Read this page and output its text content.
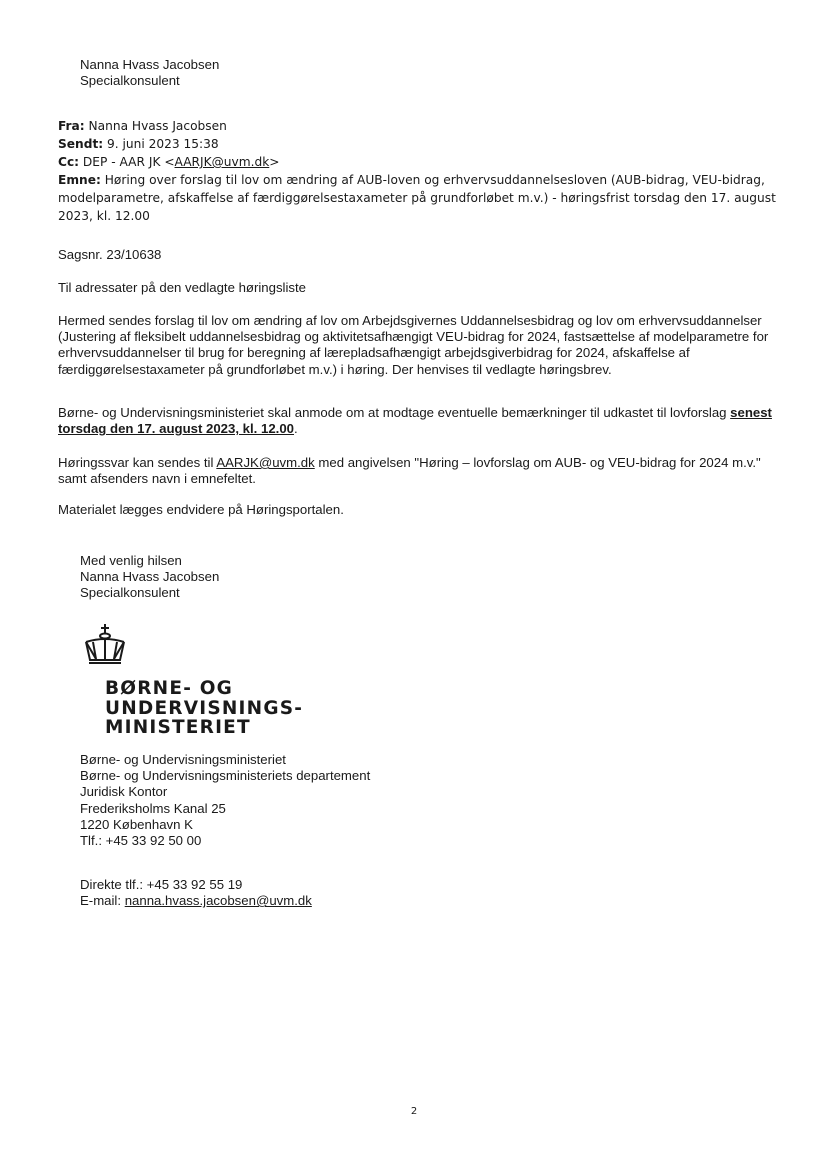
Nanna Hvass Jacobsen

Specialkonsulent

Fra: Nanna Hvass Jacobsen

Sendt: 9. juni 2023 15:38

Cc: DEP - AAR JK <AARJK@uvm.dk>

Emne: Høring over forslag til lov om ændring af AUB-loven og erhvervsuddannelsesloven (AUB-bidrag, VEU-bidrag, modelparametre, afskaffelse af færdiggørelsestaxameter på grundforløbet m.v.) - høringsfrist torsdag den 17. august 2023, kl. 12.00

Sagsnr. 23/10638

Til adressater på den vedlagte høringsliste

Hermed sendes forslag til lov om ændring af lov om Arbejdsgivernes Uddannelsesbidrag og lov om erhvervsuddannelser (Justering af fleksibelt uddannelsesbidrag og aktivitetsafhængigt VEU-bidrag for 2024, fastsættelse af modelparametre for erhvervsuddannelser til brug for beregning af lærepladsafhængigt arbejdsgiverbidrag for 2024, afskaffelse af færdiggørelsestaxameter på grundforløbet m.v.) i høring. Der henvises til vedlagte høringsbrev.

Børne- og Undervisningsministeriet skal anmode om at modtage eventuelle bemærkninger til udkastet til lovforslag senest torsdag den 17. august 2023, kl. 12.00.

Høringssvar kan sendes til AARJK@uvm.dk med angivelsen "Høring – lovforslag om AUB- og VEU-bidrag for 2024 m.v." samt afsenders navn i emnefeltet.

Materialet lægges endvidere på Høringsportalen.

Med venlig hilsen

Nanna Hvass Jacobsen

Specialkonsulent

BØRNE- OG
UNDERVISNINGS-
MINISTERIET

Børne- og Undervisningsministeriet

Børne- og Undervisningsministeriets departement

Juridisk Kontor

Frederiksholms Kanal 25

1220 København K

Tlf.: +45 33 92 50 00

Direkte tlf.: +45 33 92 55 19

E-mail: nanna.hvass.jacobsen@uvm.dk

2
